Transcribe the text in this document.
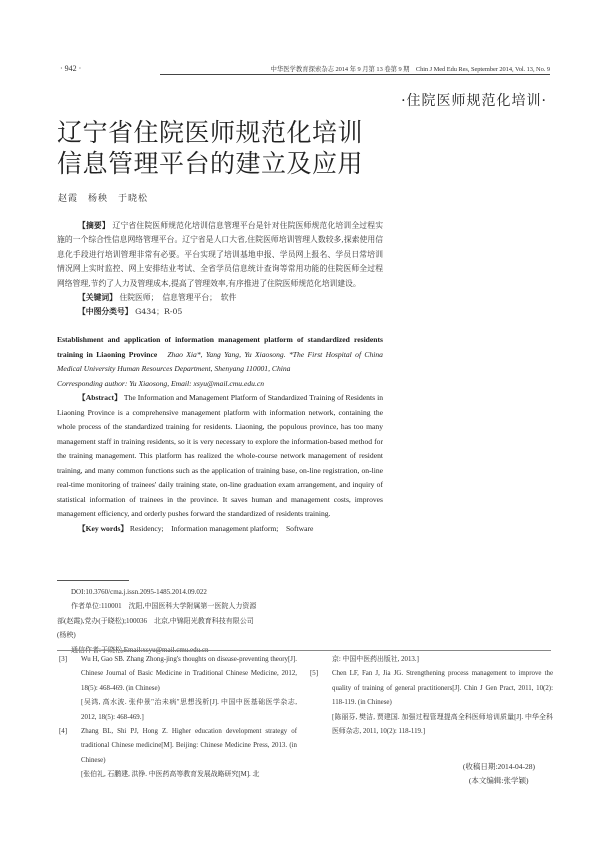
· 942 ·	中华医学教育探索杂志 2014 年 9 月第 13 卷第 9 期　Chin J Med Edu Res, September 2014, Vol. 13, No. 9
·住院医师规范化培训·
辽宁省住院医师规范化培训
信息管理平台的建立及应用
赵霞　杨秧　于晓松

【摘要】 辽宁省住院医师规范化培训信息管理平台是针对住院医师规范化培训全过程实施的一个综合性信息网络管理平台。辽宁省是人口大省,住院医师培训管理人数较多,探索使用信息化手段进行培训管理非常有必要。平台实现了培训基地申报、学员网上报名、学员日常培训情况网上实时监控、网上安排结业考试、全省学员信息统计查询等常用功能的住院医师全过程网络管理,节约了人力及管理成本,提高了管理效率,有序推进了住院医师规范化培训建设。

【关键词】 住院医师；　信息管理平台；　软件

【中图分类号】 G434；R-05

Establishment and application of information management platform of standardized residents training in Liaoning Province Zhao Xia*, Yang Yang, Yu Xiaosong. *The First Hospital of China Medical University Human Resources Department, Shenyang 110001, China

Corresponding author: Yu Xiaosong, Email: xsyu@mail.cmu.edu.cn

【Abstract】 The Information and Management Platform of Standardized Training of Residents in Liaoning Province is a comprehensive management platform with information network, containing the whole process of the standardized training for residents. Liaoning, the populous province, has too many management staff in training residents, so it is very necessary to explore the information-based method for the training management. This platform has realized the whole-course network management of resident training, and many common functions such as the application of training base, on-line registration, on-line real-time monitoring of trainees' daily training state, on-line graduation exam arrangement, and inquiry of statistical information of trainees in the province. It saves human and management costs, improves management efficiency, and orderly pushes forward the standardized of residents training.

【Key words】 Residency;　Information management platform;　Software

DOI:10.3760/cma.j.issn.2095-1485.2014.09.022

作者单位:110001　沈阳,中国医科大学附属第一医院人力资源部(赵霞),党办(于晓松);100036　北京,中锦阳光教育科技有限公司(杨秧)

通信作者:于晓松,Email:xsyu@mail.cmu.edu.cn

[3] Wu H, Gao SB. Zhang Zhong-jing's thoughts on disease-preventing theory[J]. Chinese Journal of Basic Medicine in Traditional Chinese Medicine, 2012, 18(5): 468-469. (in Chinese)

[吴鸿, 高水波. 张仲景"治未病"思想浅析[J]. 中国中医基础医学杂志, 2012, 18(5): 468-469.]

[4] Zhang BL, Shi PJ, Hong Z. Higher education development strategy of traditional Chinese medicine[M]. Beijing: Chinese Medicine Press, 2013. (in Chinese)

[张伯礼, 石鹏建, 洪铮. 中医药高等教育发展战略研究[M]. 北

京: 中国中医药出版社, 2013.]

[5] Chen LF, Fan J, Jia JG. Strengthening process management to improve the quality of training of general practitioners[J]. Chin J Gen Pract, 2011, 10(2): 118-119. (in Chinese)

[陈丽芬, 樊洁, 贾建国. 加强过程管理提高全科医师培训质量[J]. 中华全科医师杂志, 2011, 10(2): 118-119.]

(收稿日期:2014-04-28)
(本文编辑:张学颖)
